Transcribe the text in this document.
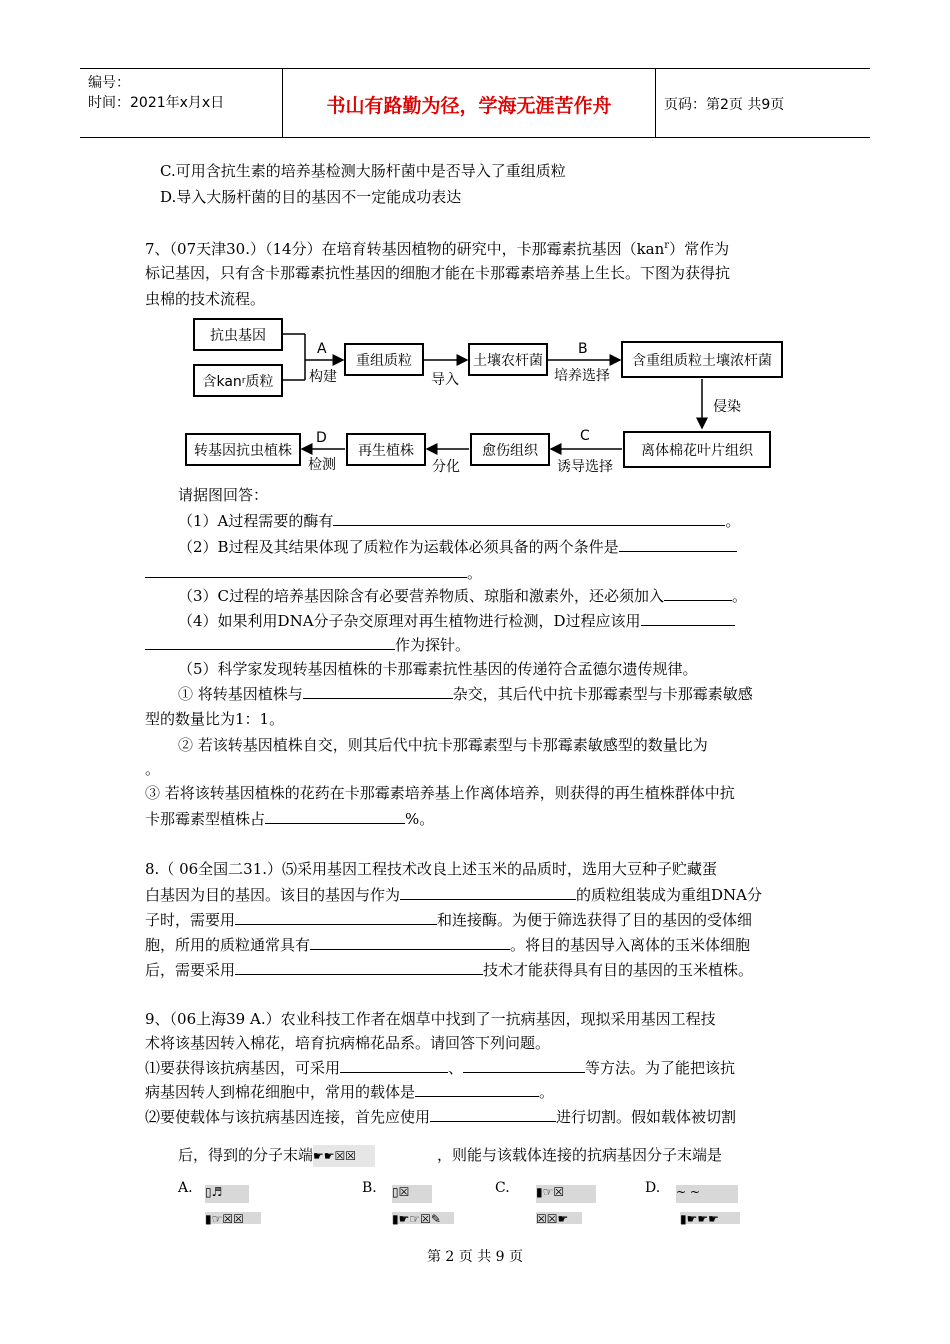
编号：
时间：2021年x月x日	书山有路勤为径，学海无涯苦作舟	页码：第2页 共9页
C.可用含抗生素的培养基检测大肠杆菌中是否导入了重组质粒
D.导入大肠杆菌的目的基因不一定能成功表达
7、（07天津30.）（14分）在培育转基因植物的研究中，卡那霉素抗基因（kan$^r$）常作为
标记基因，只有含卡那霉素抗性基因的细胞才能在卡那霉素培养基上生长。下图为获得抗
虫棉的技术流程。
抗虫基因
含kan r 质粒
重组质粒	土壤农杆菌	含重组质粒土壤浓杆菌
离体棉花叶片组织
愈伤组织
再生植株
转基因抗虫植株
A
构建	导入
B
培养选择
侵染
C
诱导选择
分化
D
检测
请据图回答：
（1）A过程需要的酶有	。
（2）B过程及其结果体现了质粒作为运载体必须具备的两个条件是
。
（3）C过程的培养基因除含有必要营养物质、琼脂和激素外，还必须加入	。
（4）如果利用DNA分子杂交原理对再生植物进行检测，D过程应该用
作为探针。
（5）科学家发现转基因植株的卡那霉素抗性基因的传递符合孟德尔遗传规律。
① 将转基因植株与	杂交，其后代中抗卡那霉素型与卡那霉素敏感
型的数量比为1：1。
② 若该转基因植株自交，则其后代中抗卡那霉素型与卡那霉素敏感型的数量比为
。
③ 若将该转基因植株的花药在卡那霉素培养基上作离体培养，则获得的再生植株群体中抗
卡那霉素型植株占	%。
8.（ 06全国二31.）⑸采用基因工程技术改良上述玉米的品质时，选用大豆种子贮藏蛋
白基因为目的基因。该目的基因与作为	的质粒组装成为重组DNA分
子时，需要用	和连接酶。为便于筛选获得了目的基因的受体细
胞，所用的质粒通常具有	。将目的基因导入离体的玉米体细胞
后，需要采用	技术才能获得具有目的基因的玉米植株。
9、（06上海39 A.）农业科技工作者在烟草中找到了一抗病基因，现拟采用基因工程技
术将该基因转入棉花，培育抗病棉花品系。请回答下列问题。
⑴要获得该抗病基因，可采用	、	等方法。为了能把该抗
病基因转人到棉花细胞中，常用的载体是	。
⑵要使载体与该抗病基因连接，首先应使用	进行切割。假如载体被切割
后，得到的分子末端☛☛☒☒	，则能与该载体连接的抗病基因分子末端是
A. ▯♬
▮☞☒☒
B. ▯☒
▮☛☞☒✎
C. ▮☞☒
☒☒☛
D. ~ ~
▮☛☛☛
第 2 页 共 9 页
